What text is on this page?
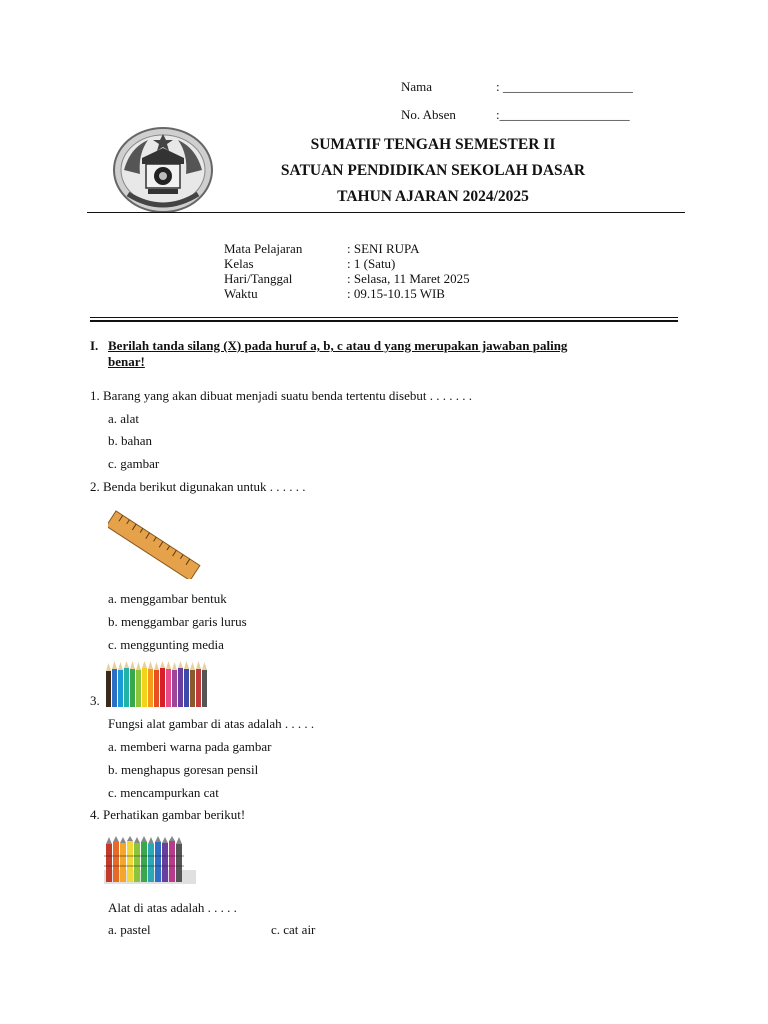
Nama	: ____________________
No. Absen	:____________________
SUMATIF TENGAH SEMESTER II
SATUAN PENDIDIKAN SEKOLAH DASAR
TAHUN AJARAN 2024/2025
Mata Pelajaran	: SENI RUPA
Kelas	: 1 (Satu)
Hari/Tanggal	: Selasa, 11 Maret 2025
Waktu	: 09.15-10.15 WIB
I. Berilah tanda silang (X) pada huruf a, b, c atau d yang merupakan jawaban paling
benar!
1. Barang yang akan dibuat menjadi suatu benda tertentu disebut . . . . . . .
a. alat
b. bahan
c. gambar
2. Benda berikut digunakan untuk . . . . . .
a. menggambar bentuk
b. menggambar garis lurus
c. menggunting media
3.
Fungsi alat gambar di atas adalah . . . . .
a. memberi warna pada gambar
b. menghapus goresan pensil
c. mencampurkan cat
4. Perhatikan gambar berikut!
Alat di atas adalah . . . . .
a. pastel	c. cat air
